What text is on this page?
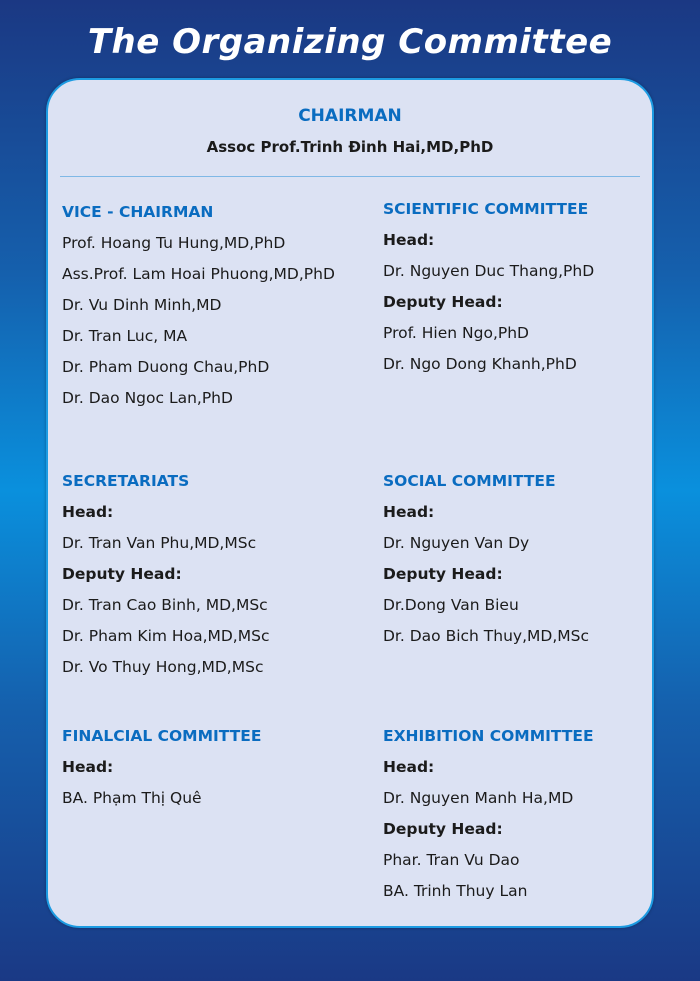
The Organizing Committee
CHAIRMAN
Assoc Prof.Trinh Đinh Hai,MD,PhD
VICE - CHAIRMAN
Prof. Hoang Tu Hung,MD,PhD
Ass.Prof. Lam Hoai Phuong,MD,PhD
Dr. Vu Dinh Minh,MD
Dr. Tran Luc, MA
Dr. Pham Duong Chau,PhD
Dr. Dao Ngoc Lan,PhD
SCIENTIFIC COMMITTEE
Head:
Dr. Nguyen Duc Thang,PhD
Deputy Head:
Prof. Hien Ngo,PhD
Dr. Ngo Dong Khanh,PhD
SECRETARIATS
Head:
Dr. Tran Van Phu,MD,MSc
Deputy Head:
Dr. Tran Cao Binh, MD,MSc
Dr. Pham Kim Hoa,MD,MSc
Dr. Vo Thuy Hong,MD,MSc
SOCIAL COMMITTEE
Head:
Dr. Nguyen Van Dy
Deputy Head:
Dr.Dong Van Bieu
Dr. Dao Bich Thuy,MD,MSc
FINALCIAL COMMITTEE
Head:
BA. Phạm Thị Quê
EXHIBITION COMMITTEE
Head:
Dr. Nguyen Manh Ha,MD
Deputy Head:
Phar. Tran Vu Dao
BA. Trinh Thuy Lan
